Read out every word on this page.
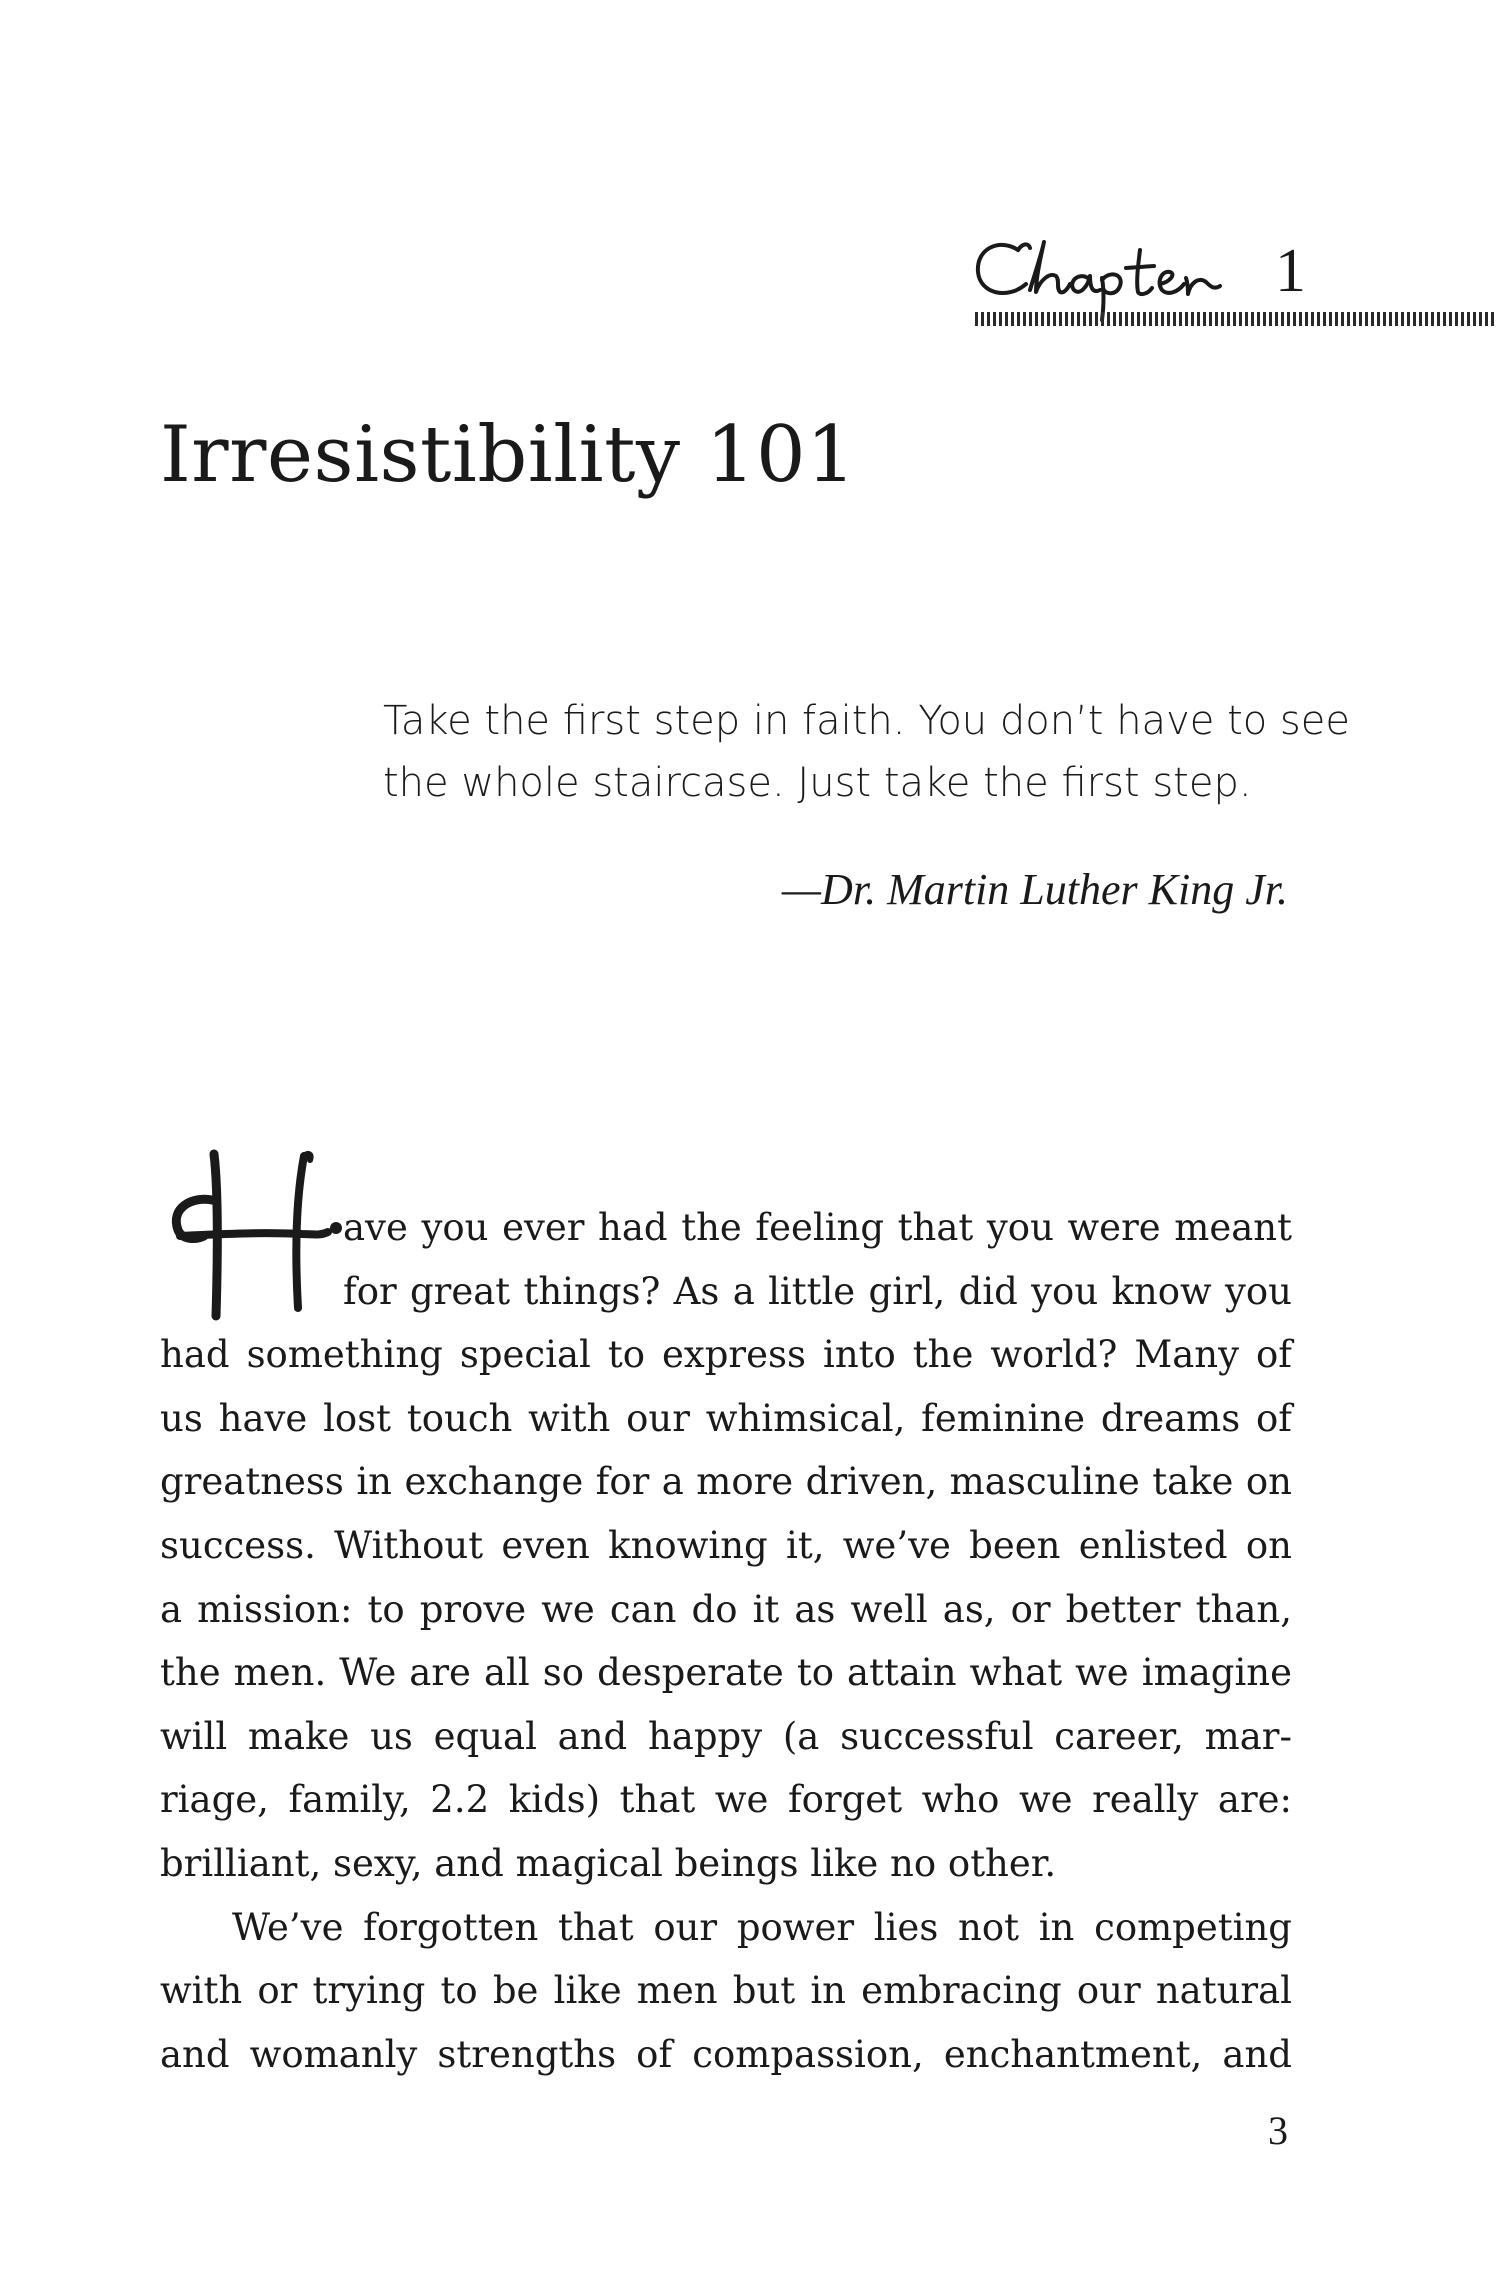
1
Irresistibility 101
Take the first step in faith. You don’t have to see
the whole staircase. Just take the first step.
—Dr. Martin Luther King Jr.
ave you ever had the feeling that you were meant
for great things? As a little girl, did you know you
had something special to express into the world? Many of
us have lost touch with our whimsical, feminine dreams of
greatness in exchange for a more driven, masculine take on
success. Without even knowing it, we’ve been enlisted on
a mission: to prove we can do it as well as, or better than,
the men. We are all so desperate to attain what we imagine
will make us equal and happy (a successful career, mar-
riage, family, 2.2 kids) that we forget who we really are:
brilliant, sexy, and magical beings like no other.
We’ve forgotten that our power lies not in competing
with or trying to be like men but in embracing our natural
and womanly strengths of compassion, enchantment, and
3
